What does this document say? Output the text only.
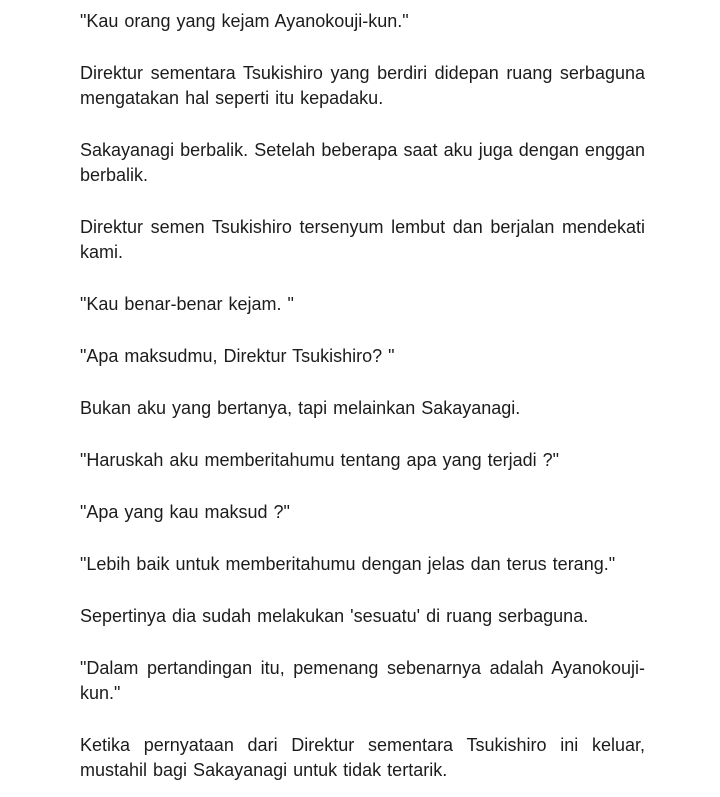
"Kau orang yang kejam Ayanokouji-kun."

Direktur sementara Tsukishiro yang berdiri didepan ruang serbaguna mengatakan hal seperti itu kepadaku.

Sakayanagi berbalik. Setelah beberapa saat aku juga dengan enggan berbalik.

Direktur semen Tsukishiro tersenyum lembut dan berjalan mendekati kami.

"Kau benar-benar kejam. "

"Apa maksudmu, Direktur Tsukishiro? "

Bukan aku yang bertanya, tapi melainkan Sakayanagi.

"Haruskah aku memberitahumu tentang apa yang terjadi ?"

"Apa yang kau maksud ?"

"Lebih baik untuk memberitahumu dengan jelas dan terus terang."

Sepertinya dia sudah melakukan 'sesuatu' di ruang serbaguna.

"Dalam pertandingan itu, pemenang sebenarnya adalah Ayanokouji-kun."

Ketika pernyataan dari Direktur sementara Tsukishiro ini keluar, mustahil bagi Sakayanagi untuk tidak tertarik.
